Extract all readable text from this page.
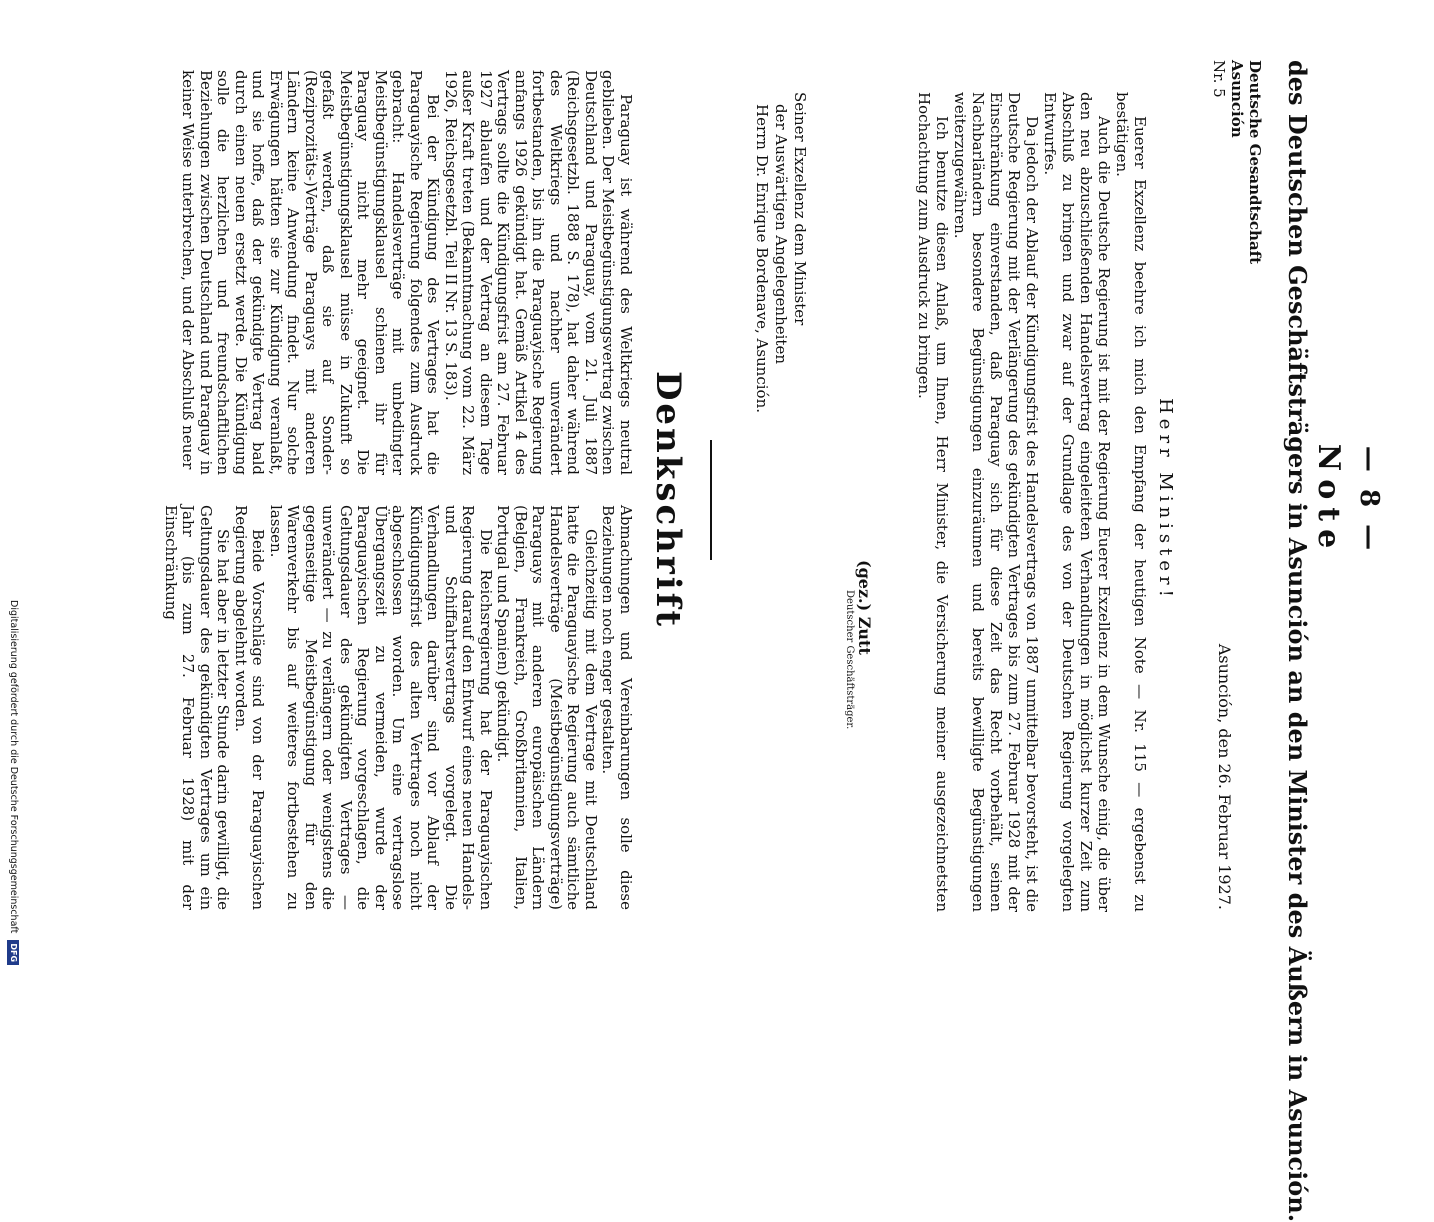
— 8 —
Note
des Deutschen Geschäftsträgers in Asunción an den Minister des Äußern in Asunción.
Deutsche Gesandtschaft
Asunción
Nr. 5
Asunción, den 26. Februar 1927.
Herr Minister!

Euerer Exzellenz beehre ich mich den Empfang der heutigen Note — Nr. 115 — ergebenst zu bestätigen.

Auch die Deutsche Regierung ist mit der Regierung Euerer Exzellenz in dem Wunsche einig, die über den neu abzuschließenden Handelsvertrag eingeleiteten Verhandlungen in möglichst kurzer Zeit zum Abschluß zu bringen und zwar auf der Grundlage des von der Deutschen Regierung vorgelegten Entwurfes.

Da jedoch der Ablauf der Kündigungsfrist des Handelsvertrags von 1887 unmittelbar bevorsteht, ist die Deutsche Regierung mit der Verlängerung des gekündigten Vertrages bis zum 27. Februar 1928 mit der Einschränkung einverstanden, daß Paraguay sich für diese Zeit das Recht vorbehält, seinen Nachbarländern besondere Begünstigungen einzuräumen und bereits bewilligte Begünstigungen weiterzugewähren.

Ich benutze diesen Anlaß, um Ihnen, Herr Minister, die Versicherung meiner ausgezeichnetsten Hochachtung zum Ausdruck zu bringen.

(gez.) Zutt
Deutscher Geschäftsträger.
Seiner Exzellenz dem Minister
der Auswärtigen Angelegenheiten
Herrn Dr. Enrique Bordenave, Asunción.
Denkschrift

Paraguay ist während des Weltkriegs neutral geblieben. Der Meistbegünstigungsvertrag zwischen Deutschland und Paraguay, vom 21. Juli 1887 (Reichsgesetzbl. 1888 S. 178), hat daher während des Weltkriegs und nachher unverändert fortbestanden, bis ihn die Paraguayische Regierung anfangs 1926 gekündigt hat. Gemäß Artikel 4 des Vertrags sollte die Kündigungsfrist am 27. Februar 1927 ablaufen und der Vertrag an diesem Tage außer Kraft treten (Bekanntmachung vom 22. März 1926, Reichsgesetzbl. Teil II Nr. 13 S. 183).

Bei der Kündigung des Vertrages hat die Paraguayische Regierung folgendes zum Ausdruck gebracht: Handelsverträge mit unbedingter Meistbegünstigungsklausel schienen ihr für Paraguay nicht mehr geeignet. Die Meistbegünstigungsklausel müsse in Zukunft so gefaßt werden, daß sie auf Sonder-(Reziprozitäts-)Verträge Paraguays mit anderen Ländern keine Anwendung findet. Nur solche Erwägungen hätten sie zur Kündigung veranlaßt, und sie hoffe, daß der gekündigte Vertrag bald durch einen neuen ersetzt werde. Die Kündigung solle die herzlichen und freundschaftlichen Beziehungen zwischen Deutschland und Paraguay in keiner Weise unterbrechen, und der Abschluß neuer

Abmachungen und Vereinbarungen solle diese Beziehungen noch enger gestalten.

Gleichzeitig mit dem Vertrage mit Deutschland hatte die Paraguayische Regierung auch sämtliche Handelsverträge (Meistbegünstigungsverträge) Paraguays mit anderen europäischen Ländern (Belgien, Frankreich, Großbritannien, Italien, Portugal und Spanien) gekündigt.

Die Reichsregierung hat der Paraguayischen Regierung darauf den Entwurf eines neuen Handels- und Schiffahrtsvertrags vorgelegt. Die Verhandlungen darüber sind vor Ablauf der Kündigungsfrist des alten Vertrages noch nicht abgeschlossen worden. Um eine vertragslose Übergangszeit zu vermeiden, wurde der Paraguayischen Regierung vorgeschlagen, die Geltungsdauer des gekündigten Vertrages — unverändert — zu verlängern oder wenigstens die gegenseitige Meistbegünstigung für den Warenverkehr bis auf weiteres fortbestehen zu lassen.

Beide Vorschläge sind von der Paraguayischen Regierung abgelehnt worden.

Sie hat aber in letzter Stunde darin gewilligt, die Geltungsdauer des gekündigten Vertrages um ein Jahr (bis zum 27. Februar 1928) mit der Einschränkung

Digitalisierung gefördert durch die Deutsche Forschungsgemeinschaft DFG
